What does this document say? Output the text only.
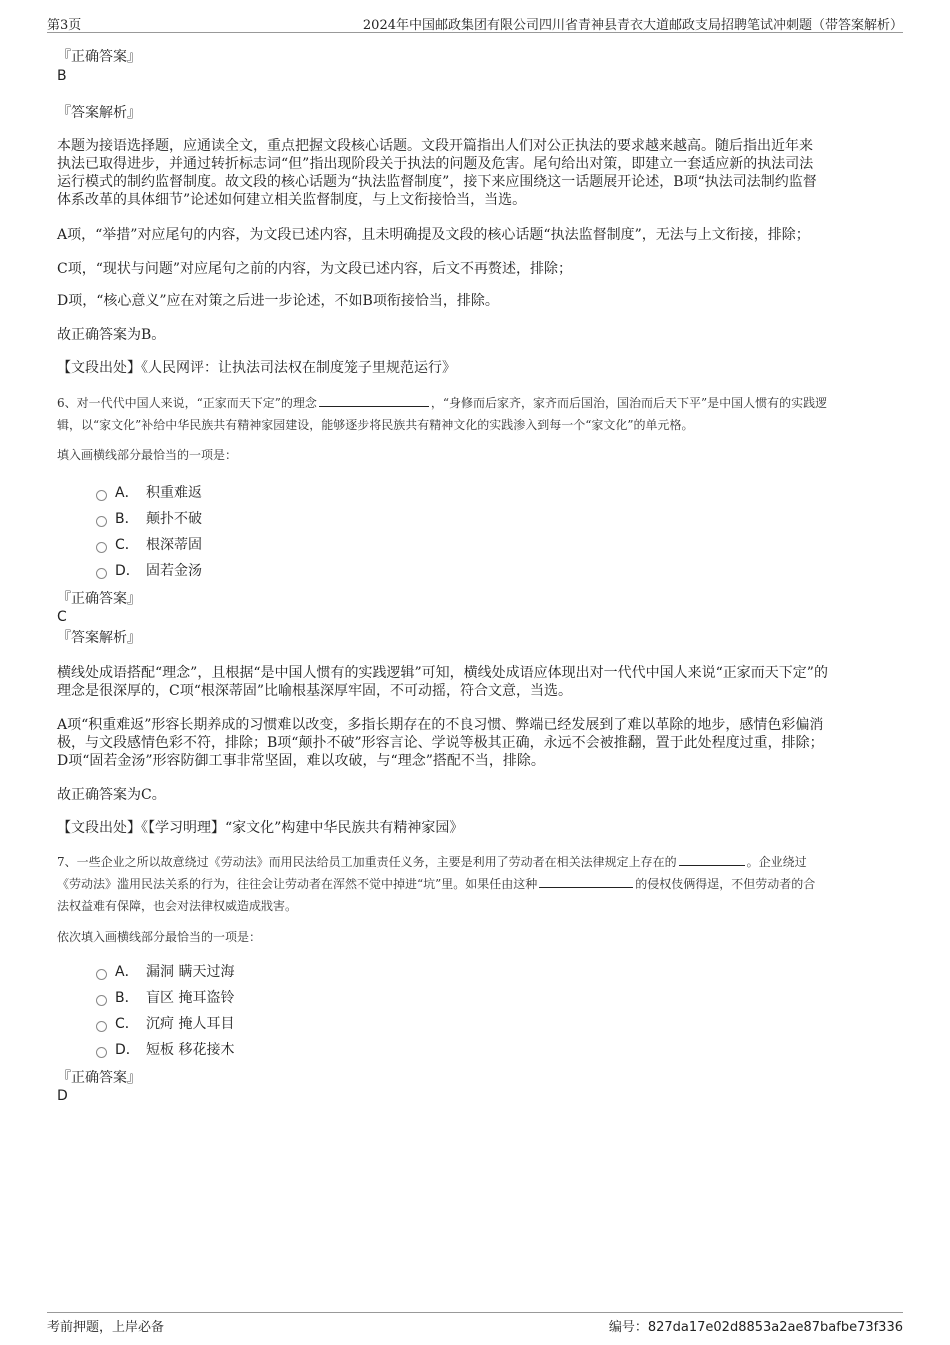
第3页	2024年中国邮政集团有限公司四川省青神县青衣大道邮政支局招聘笔试冲刺题（带答案解析）
『正确答案』
B
『答案解析』
本题为接语选择题，应通读全文，重点把握文段核心话题。文段开篇指出人们对公正执法的要求越来越高。随后指出近年来
执法已取得进步，并通过转折标志词“但”指出现阶段关于执法的问题及危害。尾句给出对策，即建立一套适应新的执法司法
运行模式的制约监督制度。故文段的核心话题为“执法监督制度”，接下来应围绕这一话题展开论述，B项“执法司法制约监督
体系改革的具体细节”论述如何建立相关监督制度，与上文衔接恰当，当选。
A项，“举措”对应尾句的内容，为文段已述内容，且未明确提及文段的核心话题“执法监督制度”，无法与上文衔接，排除；
C项，“现状与问题”对应尾句之前的内容，为文段已述内容，后文不再赘述，排除；
D项，“核心意义”应在对策之后进一步论述，不如B项衔接恰当，排除。
故正确答案为B。
【文段出处】《人民网评：让执法司法权在制度笼子里规范运行》
6、对一代代中国人来说，“正家而天下定”的理念	，“身修而后家齐，家齐而后国治，国治而后天下平”是中国人惯有的实践逻
辑，以“家文化”补给中华民族共有精神家园建设，能够逐步将民族共有精神文化的实践渗入到每一个“家文化”的单元格。
填入画横线部分最恰当的一项是：
A． 积重难返
B． 颠扑不破
C． 根深蒂固
D． 固若金汤
『正确答案』
C
『答案解析』
横线处成语搭配“理念”，且根据“是中国人惯有的实践逻辑”可知，横线处成语应体现出对一代代中国人来说“正家而天下定”的
理念是很深厚的，C项“根深蒂固”比喻根基深厚牢固，不可动摇，符合文意，当选。
A项“积重难返”形容长期养成的习惯难以改变，多指长期存在的不良习惯、弊端已经发展到了难以革除的地步，感情色彩偏消
极，与文段感情色彩不符，排除；B项“颠扑不破”形容言论、学说等极其正确，永远不会被推翻，置于此处程度过重，排除；
D项“固若金汤”形容防御工事非常坚固，难以攻破，与“理念”搭配不当，排除。
故正确答案为C。
【文段出处】《【学习明理】“家文化”构建中华民族共有精神家园》
7、一些企业之所以故意绕过《劳动法》而用民法给员工加重责任义务，主要是利用了劳动者在相关法律规定上存在的	。企业绕过
《劳动法》滥用民法关系的行为，往往会让劳动者在浑然不觉中掉进“坑”里。如果任由这种	的侵权伎俩得逞，不但劳动者的合
法权益难有保障，也会对法律权威造成戕害。
依次填入画横线部分最恰当的一项是：
A． 漏洞 瞒天过海
B． 盲区 掩耳盗铃
C． 沉疴 掩人耳目
D． 短板 移花接木
『正确答案』
D
考前押题，上岸必备	编号：827da17e02d8853a2ae87bafbe73f336
